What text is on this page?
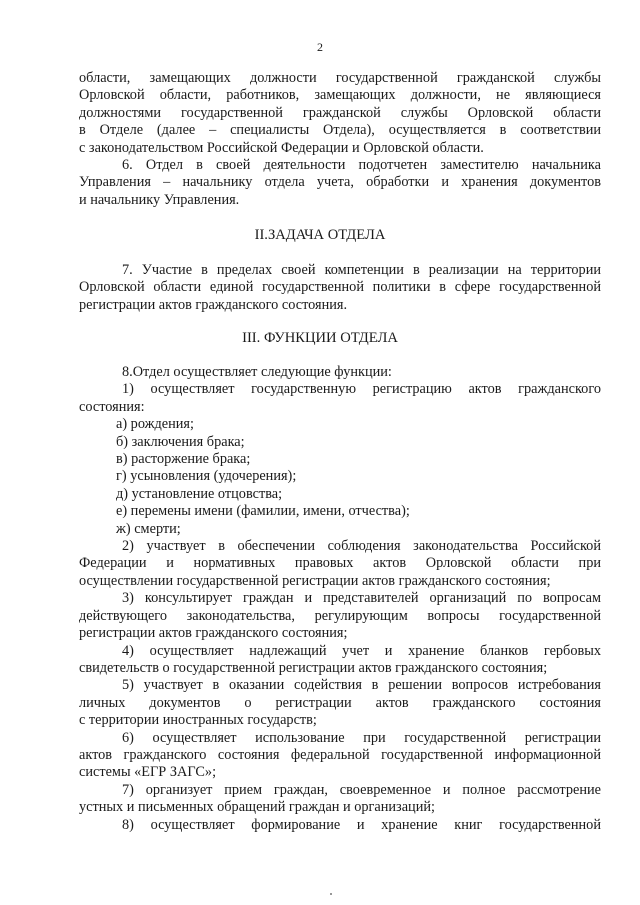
2
области, замещающих должности государственной гражданской службы
Орловской области, работников, замещающих должности, не являющиеся
должностями государственной гражданской службы Орловской области
в Отделе (далее – специалисты Отдела), осуществляется в соответствии
с законодательством Российской Федерации и Орловской области.
6. Отдел в своей деятельности подотчетен заместителю начальника
Управления – начальнику отдела учета, обработки и хранения документов
и начальнику Управления.
II.ЗАДАЧА ОТДЕЛА
7. Участие в пределах своей компетенции в реализации на территории
Орловской области единой государственной политики в сфере государственной
регистрации актов гражданского состояния.
III. ФУНКЦИИ ОТДЕЛА
8.Отдел осуществляет следующие функции:
1) осуществляет государственную регистрацию актов гражданского
состояния:
а) рождения;
б) заключения брака;
в) расторжение брака;
г) усыновления (удочерения);
д) установление отцовства;
е) перемены имени (фамилии, имени, отчества);
ж) смерти;
2) участвует в обеспечении соблюдения законодательства Российской
Федерации и нормативных правовых актов Орловской области при
осуществлении государственной регистрации актов гражданского состояния;
3) консультирует граждан и представителей организаций по вопросам
действующего законодательства, регулирующим вопросы государственной
регистрации актов гражданского состояния;
4) осуществляет надлежащий учет и хранение бланков гербовых
свидетельств о государственной регистрации актов гражданского состояния;
5) участвует в оказании содействия в решении вопросов истребования
личных документов о регистрации актов гражданского состояния
с территории иностранных государств;
6) осуществляет использование при государственной регистрации
актов гражданского состояния федеральной государственной информационной
системы «ЕГР ЗАГС»;
7) организует прием граждан, своевременное и полное рассмотрение
устных и письменных обращений граждан и организаций;
8) осуществляет формирование и хранение книг государственной
